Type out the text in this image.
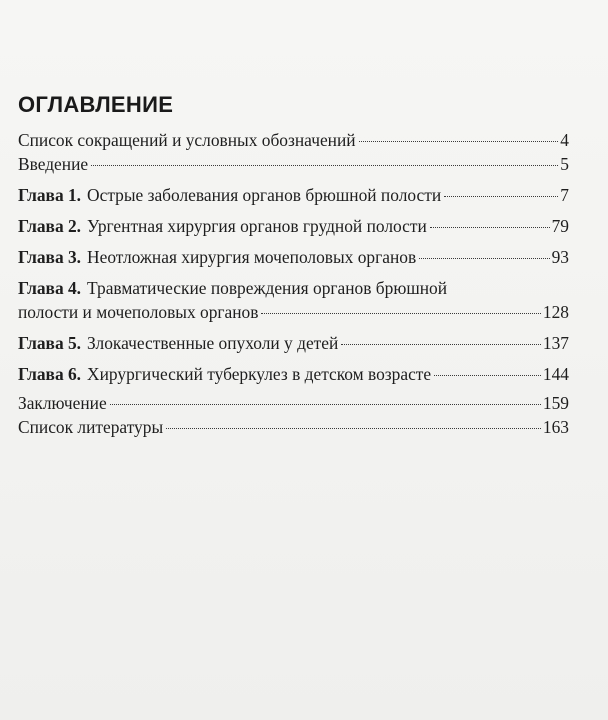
ОГЛАВЛЕНИЕ
Список сокращений и условных обозначений	4
Введение	5
Глава 1. Острые заболевания органов брюшной полости	7
Глава 2. Ургентная хирургия органов грудной полости	79
Глава 3. Неотложная хирургия мочеполовых органов	93
Глава 4. Травматические повреждения органов брюшной
полости и мочеполовых органов	128
Глава 5. Злокачественные опухоли у детей	137
Глава 6. Хирургический туберкулез в детском возрасте	144
Заключение	159
Список литературы	163
